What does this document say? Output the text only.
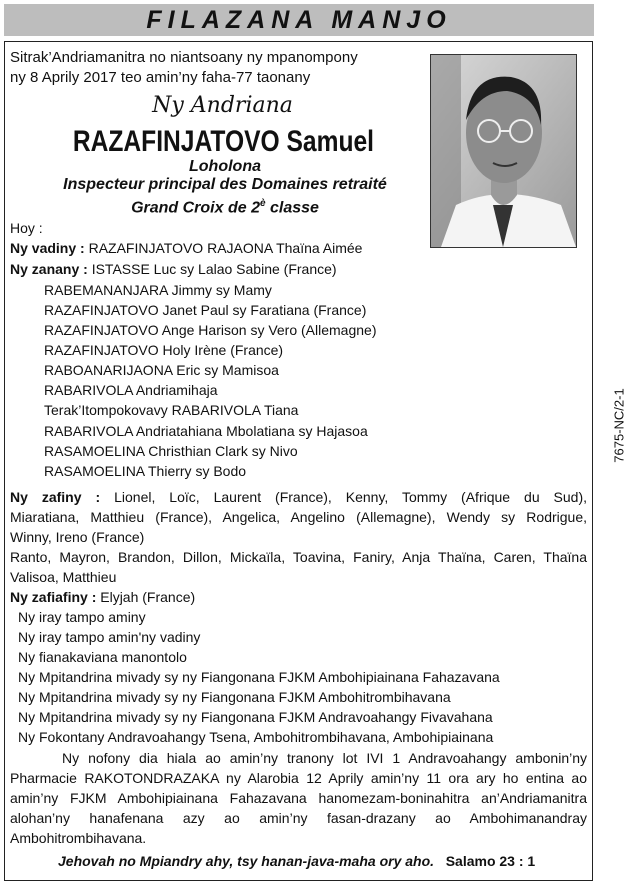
FILAZANA MANJO
Sitrak’Andriamanitra no niantsoany ny mpanompony
ny 8 Aprily 2017 teo amin’ny faha-77 taonany
Ny Andriana
RAZAFINJATOVO Samuel
Loholona
Inspecteur principal des Domaines retraité
Grand Croix de $2^è$ classe
7675-NC/2-1
Hoy :
Ny vadiny : RAZAFINJATOVO RAJAONA Thaïna Aimée
Ny zanany : ISTASSE Luc sy Lalao Sabine (France)
RABEMANANJARA Jimmy sy Mamy
RAZAFINJATOVO Janet Paul sy Faratiana (France)
RAZAFINJATOVO Ange Harison sy Vero (Allemagne)
RAZAFINJATOVO Holy Irène (France)
RABOANARIJAONA Eric sy Mamisoa
RABARIVOLA Andriamihaja
Terak’Itompokovavy RABARIVOLA Tiana
RABARIVOLA Andriatahiana Mbolatiana sy Hajasoa
RASAMOELINA Christhian Clark sy Nivo
RASAMOELINA Thierry sy Bodo
Ny zafiny : Lionel, Loïc, Laurent (France), Kenny, Tommy (Afrique du Sud),
Miaratiana, Matthieu (France), Angelica, Angelino (Allemagne), Wendy sy Rodrigue,
Winny, Ireno (France)
Ranto, Mayron, Brandon, Dillon, Mickaïla, Toavina, Faniry, Anja Thaïna, Caren, Thaïna
Valisoa, Matthieu
Ny zafiafiny : Elyjah (France)
Ny iray tampo aminy
Ny iray tampo amin'ny vadiny
Ny fianakaviana manontolo
Ny Mpitandrina mivady sy ny Fiangonana FJKM Ambohipiainana Fahazavana
Ny Mpitandrina mivady sy ny Fiangonana FJKM Ambohitrombihavana
Ny Mpitandrina mivady sy ny Fiangonana FJKM Andravoahangy Fivavahana
Ny Fokontany Andravoahangy Tsena, Ambohitrombihavana, Ambohipiainana
Ny nofony dia hiala ao amin’ny tranony lot IVI 1 Andravoahangy ambonin’ny
Pharmacie RAKOTONDRAZAKA ny Alarobia 12 Aprily amin’ny 11 ora ary ho entina ao
amin’ny FJKM Ambohipiainana Fahazavana hanomezam-boninahitra an’Andriamanitra
alohan’ny hanafenana azy ao amin’ny fasan-drazany ao Ambohimanandray
Ambohitrombihavana.
Jehovah no Mpiandry ahy, tsy hanan-java-maha ory aho. Salamo 23 : 1
